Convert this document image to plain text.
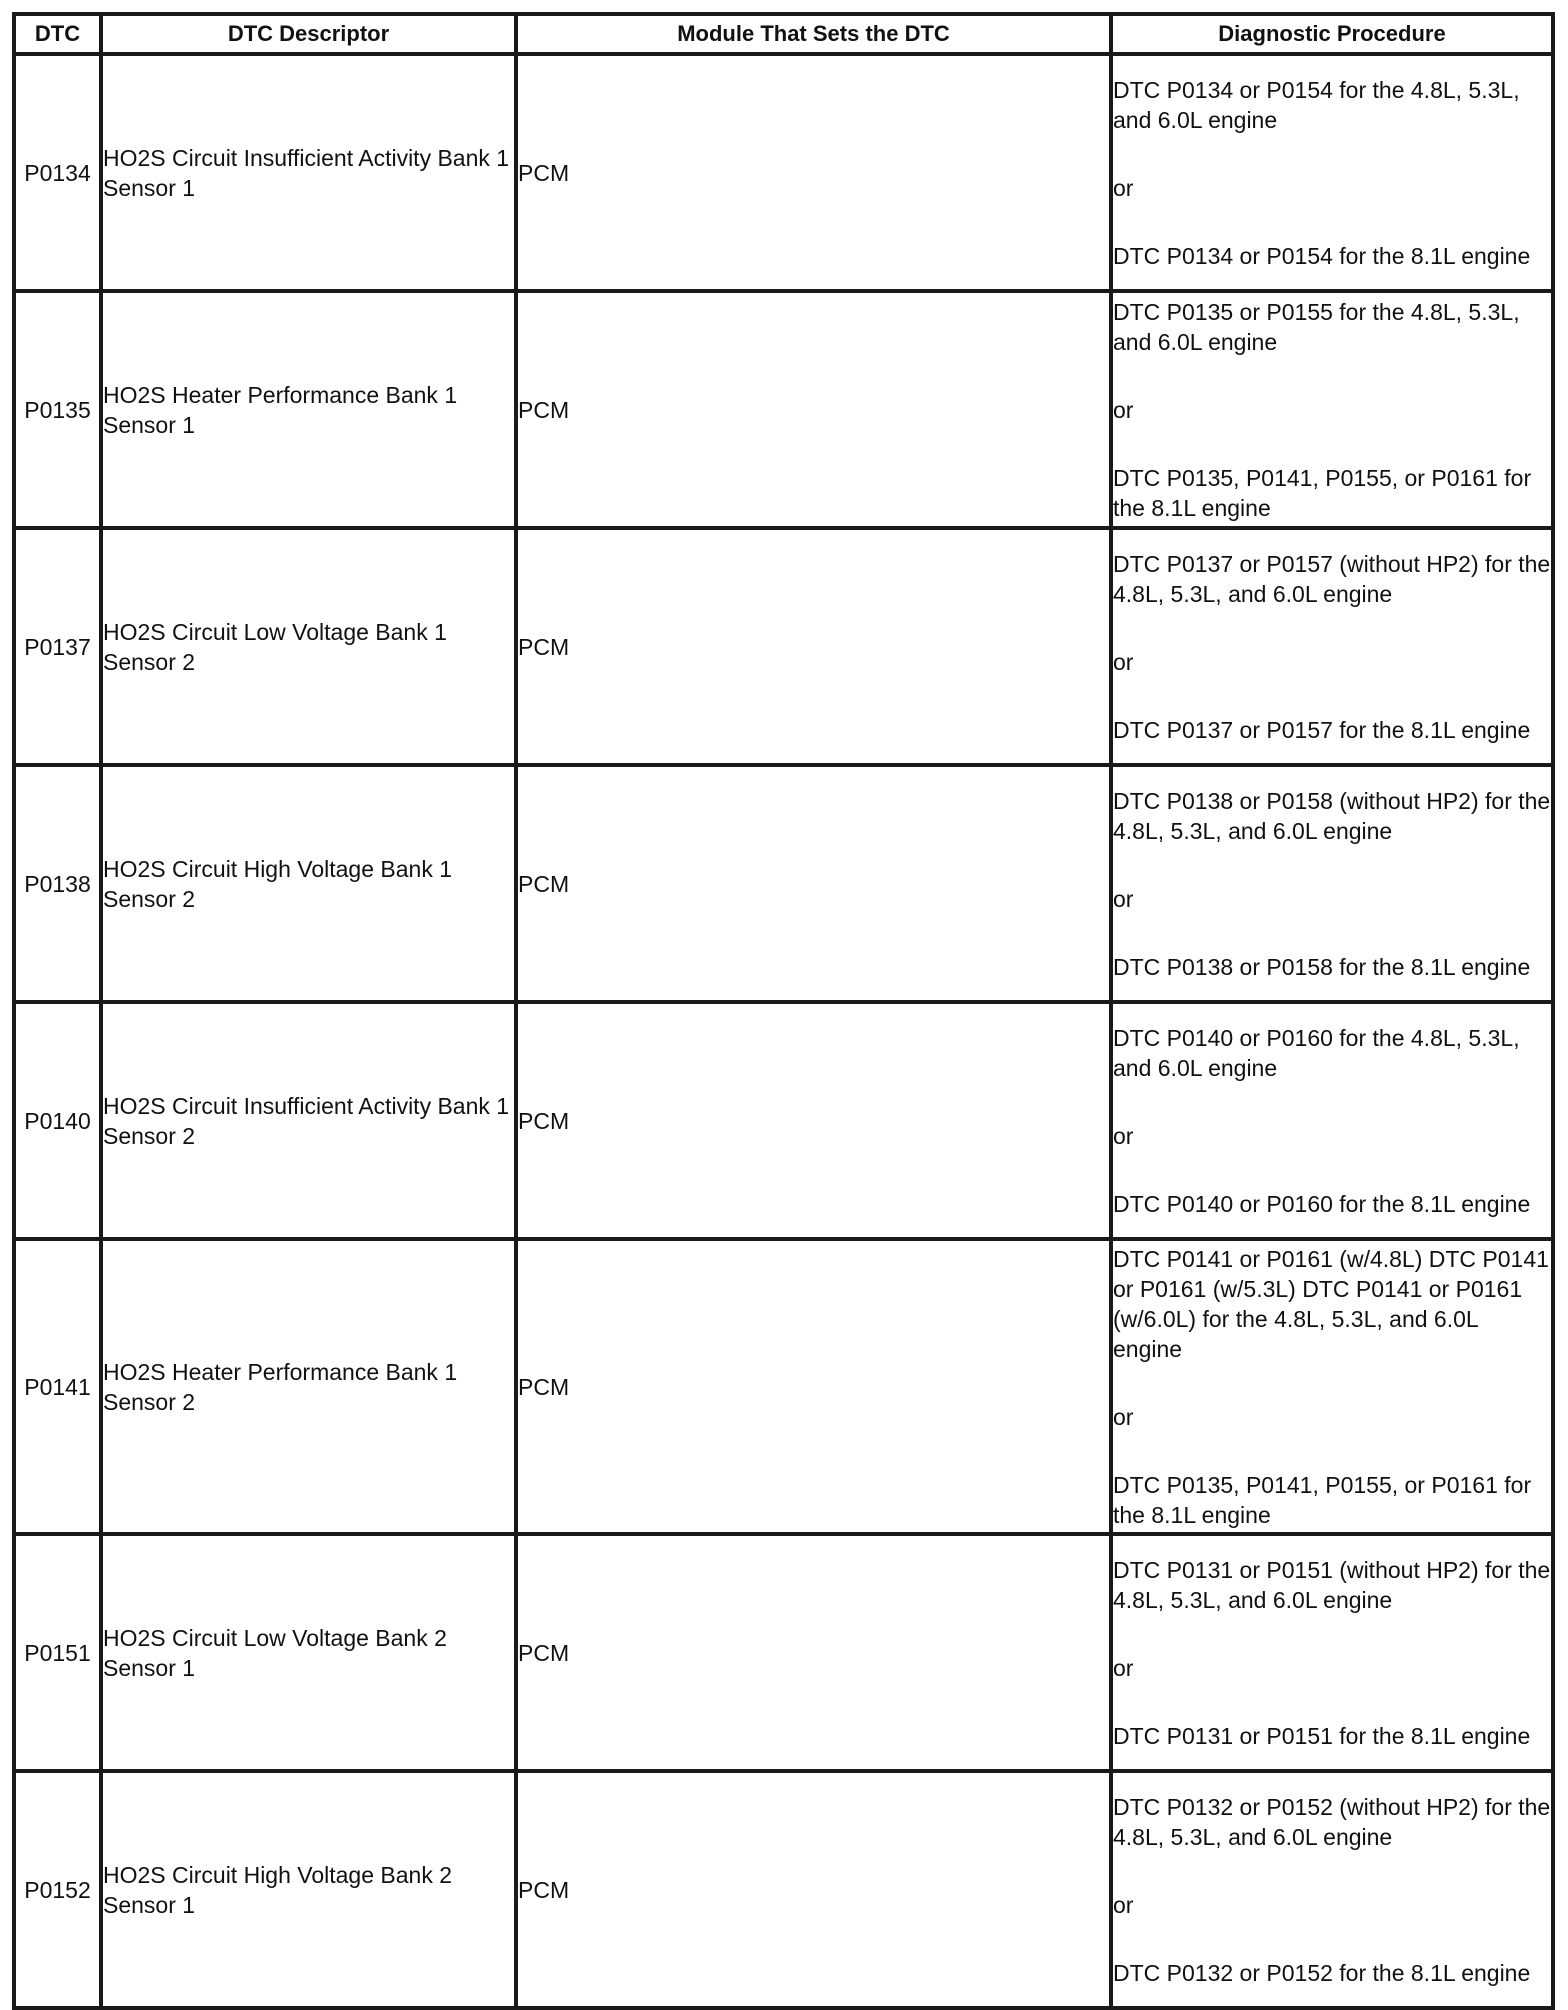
DTC	DTC Descriptor	Module That Sets the DTC	Diagnostic Procedure
P0134	HO2S Circuit Insufficient Activity Bank 1 Sensor 1	PCM	DTC P0134 or P0154 for the 4.8L, 5.3L, and 6.0L engine
or
DTC P0134 or P0154 for the 8.1L engine

P0135	HO2S Heater Performance Bank 1 Sensor 1	PCM	DTC P0135 or P0155 for the 4.8L, 5.3L, and 6.0L engine
or
DTC P0135, P0141, P0155, or P0161 for the 8.1L engine

P0137	HO2S Circuit Low Voltage Bank 1 Sensor 2	PCM	DTC P0137 or P0157 (without HP2) for the 4.8L, 5.3L, and 6.0L engine
or
DTC P0137 or P0157 for the 8.1L engine

P0138	HO2S Circuit High Voltage Bank 1 Sensor 2	PCM	DTC P0138 or P0158 (without HP2) for the 4.8L, 5.3L, and 6.0L engine
or
DTC P0138 or P0158 for the 8.1L engine

P0140	HO2S Circuit Insufficient Activity Bank 1 Sensor 2	PCM	DTC P0140 or P0160 for the 4.8L, 5.3L, and 6.0L engine
or
DTC P0140 or P0160 for the 8.1L engine

P0141	HO2S Heater Performance Bank 1 Sensor 2	PCM	DTC P0141 or P0161 (w/4.8L) DTC P0141 or P0161 (w/5.3L) DTC P0141 or P0161 (w/6.0L) for the 4.8L, 5.3L, and 6.0L engine
or
DTC P0135, P0141, P0155, or P0161 for the 8.1L engine

P0151	HO2S Circuit Low Voltage Bank 2 Sensor 1	PCM	DTC P0131 or P0151 (without HP2) for the 4.8L, 5.3L, and 6.0L engine
or
DTC P0131 or P0151 for the 8.1L engine

P0152	HO2S Circuit High Voltage Bank 2 Sensor 1	PCM	DTC P0132 or P0152 (without HP2) for the 4.8L, 5.3L, and 6.0L engine
or
DTC P0132 or P0152 for the 8.1L engine
